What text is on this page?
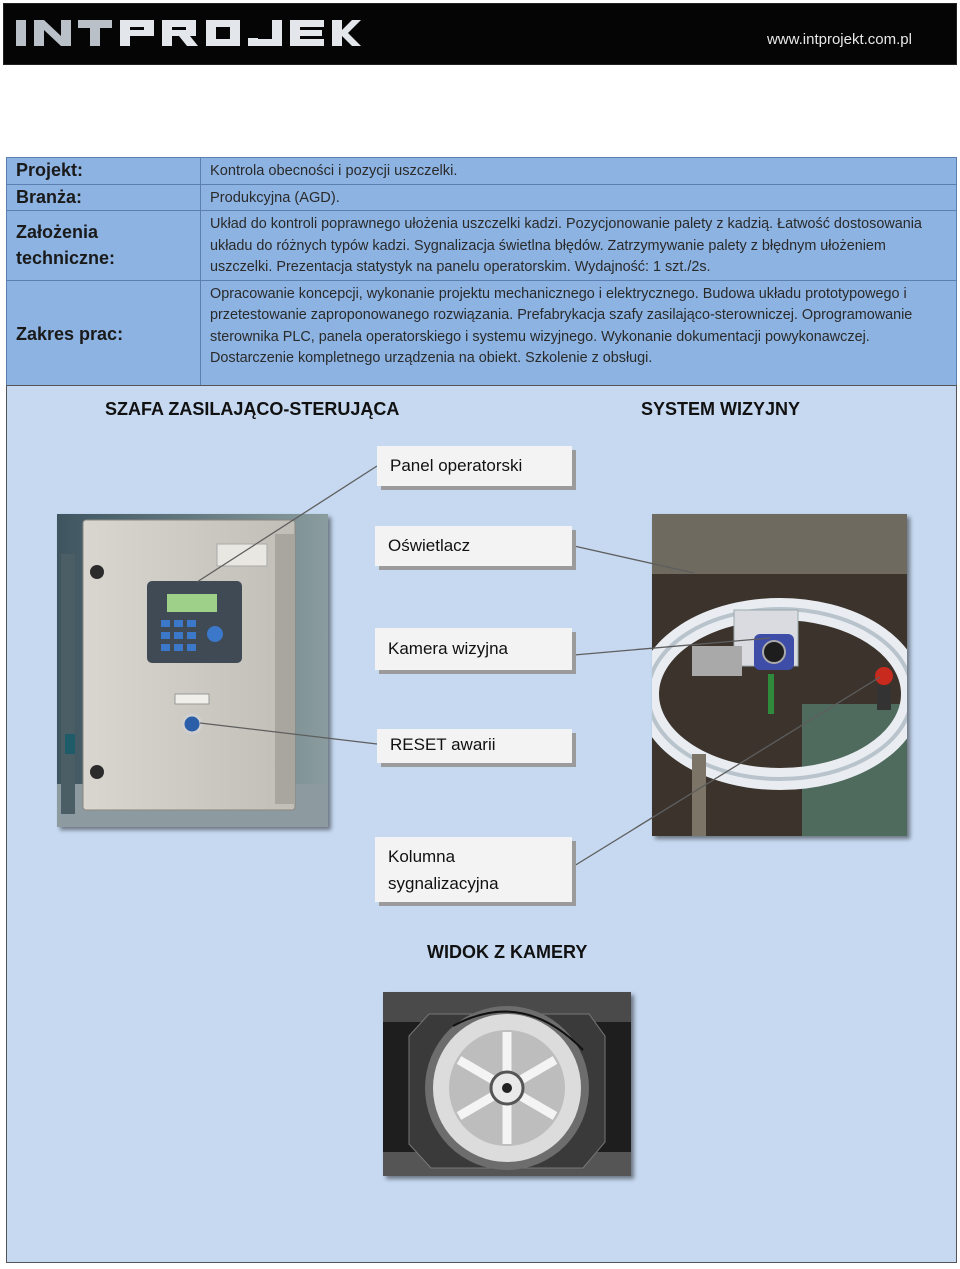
www.intprojekt.com.pl
Projekt:	Kontrola obecności i pozycji uszczelki.
Branża:	Produkcyjna (AGD).
Założenia techniczne:	Układ do kontroli poprawnego ułożenia uszczelki kadzi. Pozycjonowanie palety z kadzią. Łatwość dostosowania układu do różnych typów kadzi. Sygnalizacja świetlna błędów. Zatrzymywanie palety z błędnym ułożeniem uszczelki. Prezentacja statystyk na panelu operatorskim. Wydajność: 1 szt./2s.
Zakres prac:	Opracowanie koncepcji, wykonanie projektu mechanicznego i elektrycznego. Budowa układu prototypowego i przetestowanie zaproponowanego rozwiązania. Prefabrykacja szafy zasilająco-sterowniczej. Oprogramowanie sterownika PLC, panela operatorskiego i systemu wizyjnego. Wykonanie dokumentacji powykonawczej. Dostarczenie kompletnego urządzenia na obiekt. Szkolenie z obsługi.
SZAFA ZASILAJĄCO-STERUJĄCA	SYSTEM WIZYJNY
WIDOK Z KAMERY
Panel operatorski
Oświetlacz
Kamera wizyjna
RESET awarii
Kolumna
sygnalizacyjna
